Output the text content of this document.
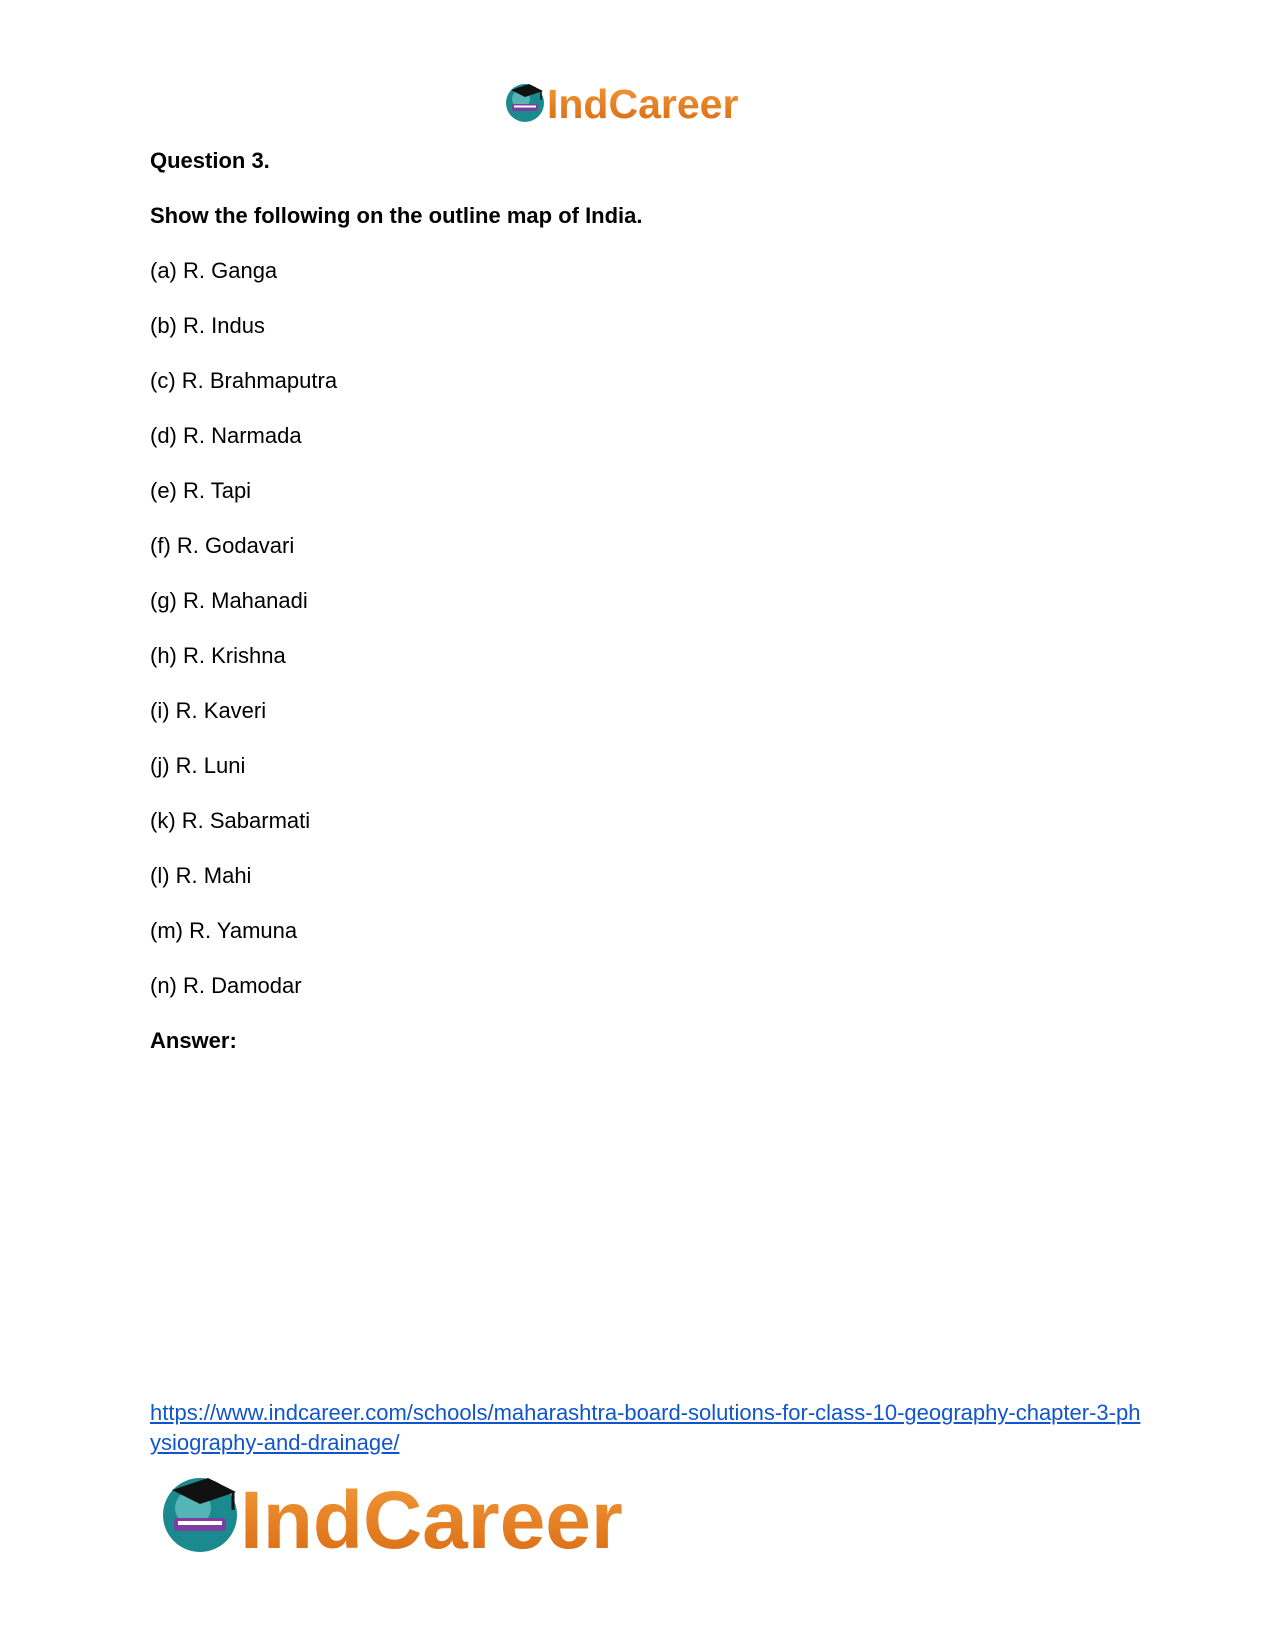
IndCareer
Question 3.
Show the following on the outline map of India.
(a) R. Ganga
(b) R. Indus
(c) R. Brahmaputra
(d) R. Narmada
(e) R. Tapi
(f) R. Godavari
(g) R. Mahanadi
(h) R. Krishna
(i) R. Kaveri
(j) R. Luni
(k) R. Sabarmati
(l) R. Mahi
(m) R. Yamuna
(n) R. Damodar
Answer:
https://www.indcareer.com/schools/maharashtra-board-solutions-for-class-10-geography-chapter-3-physiography-and-drainage/
IndCareer
